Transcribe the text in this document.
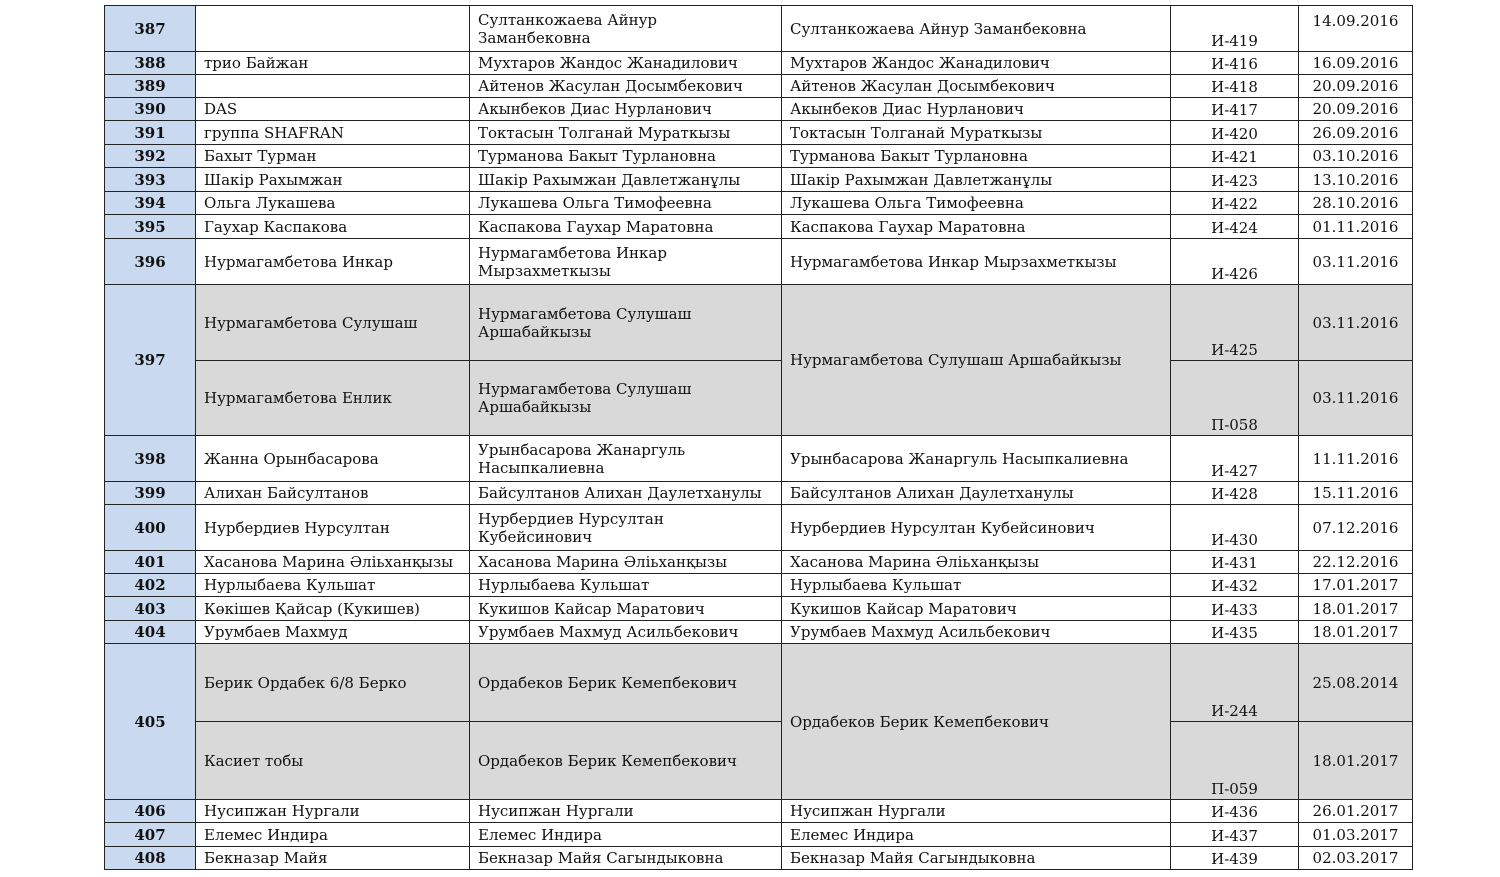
387		Султанкожаева Айнур Заманбековна	Султанкожаева Айнур Заманбековна	И-419	14.09.2016
388	трио Байжан	Мухтаров Жандос Жанадилович	Мухтаров Жандос Жанадилович	И-416	16.09.2016
389		Айтенов Жасулан Досымбекович	Айтенов Жасулан Досымбекович	И-418	20.09.2016
390	DAS	Акынбеков Диас Нурланович	Акынбеков Диас Нурланович	И-417	20.09.2016
391	группа SHAFRAN	Токтасын Толганай Мураткызы	Токтасын Толганай Мураткызы	И-420	26.09.2016
392	Бахыт Турман	Турманова Бакыт Турлановна	Турманова Бакыт Турлановна	И-421	03.10.2016
393	Шакір Рахымжан	Шакір Рахымжан Давлетжанұлы	Шакір Рахымжан Давлетжанұлы	И-423	13.10.2016
394	Ольга Лукашева	Лукашева Ольга Тимофеевна	Лукашева Ольга Тимофеевна	И-422	28.10.2016
395	Гаухар Каспакова	Каспакова Гаухар Маратовна	Каспакова Гаухар Маратовна	И-424	01.11.2016
396	Нурмагамбетова Инкар	Нурмагамбетова Инкар Мырзахметкызы	Нурмагамбетова Инкар Мырзахметкызы	И-426	03.11.2016
397	Нурмагамбетова Сулушаш	Нурмагамбетова Сулушаш Аршабайкызы	Нурмагамбетова Сулушаш Аршабайкызы	И-425	03.11.2016
	Нурмагамбетова Енлик	Нурмагамбетова Сулушаш Аршабайкызы		П-058	03.11.2016
398	Жанна Орынбасарова	Урынбасарова Жанаргуль Насыпкалиевна	Урынбасарова Жанаргуль Насыпкалиевна	И-427	11.11.2016
399	Алихан Байсултанов	Байсултанов Алихан Даулетханулы	Байсултанов Алихан Даулетханулы	И-428	15.11.2016
400	Нурбердиев Нурсултан	Нурбердиев Нурсултан Кубейсинович	Нурбердиев Нурсултан Кубейсинович	И-430	07.12.2016
401	Хасанова Марина Әліьханқызы	Хасанова Марина Әліьханқызы	Хасанова Марина Әліьханқызы	И-431	22.12.2016
402	Нурлыбаева Кульшат	Нурлыбаева Кульшат	Нурлыбаева Кульшат	И-432	17.01.2017
403	Көкішев Қайсар (Кукишев)	Кукишов Кайсар Маратович	Кукишов Кайсар Маратович	И-433	18.01.2017
404	Урумбаев Махмуд	Урумбаев Махмуд Асильбекович	Урумбаев Махмуд Асильбекович	И-435	18.01.2017
405	Берик Ордабек 6/8 Берко	Ордабеков Берик Кемепбекович	Ордабеков Берик Кемепбекович	И-244	25.08.2014
	Касиет тобы	Ордабеков Берик Кемепбекович		П-059	18.01.2017
406	Нусипжан Нургали	Нусипжан Нургали	Нусипжан Нургали	И-436	26.01.2017
407	Елемес Индира	Елемес Индира	Елемес Индира	И-437	01.03.2017
408	Бекназар Майя	Бекназар Майя Сагындыковна	Бекназар Майя Сагындыковна	И-439	02.03.2017
